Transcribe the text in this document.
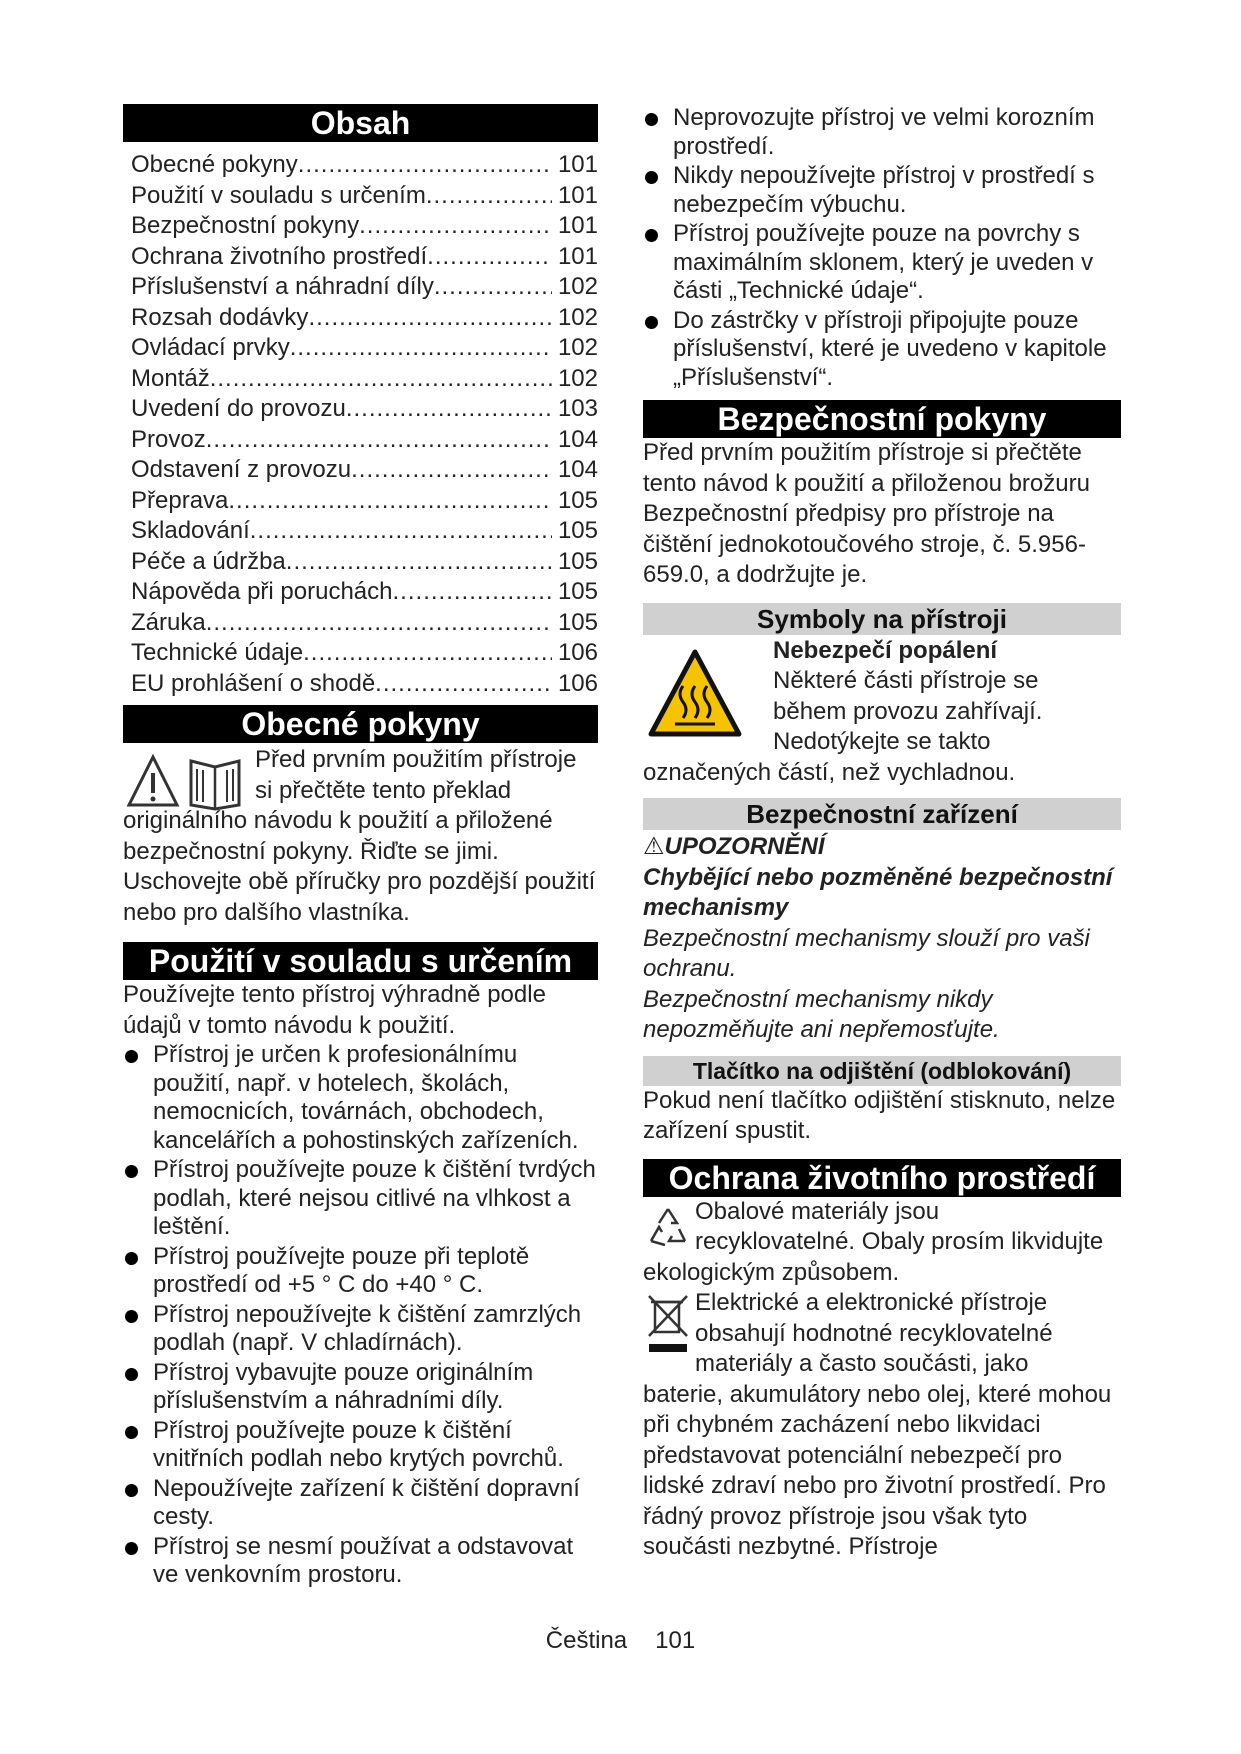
Obsah
Obecné pokyny .....	101
Použití v souladu s určením .....	101
Bezpečnostní pokyny .....	101
Ochrana životního prostředí .....	101
Příslušenství a náhradní díly .....	102
Rozsah dodávky .....	102
Ovládací prvky .....	102
Montáž .....	102
Uvedení do provozu .....	103
Provoz .....	104
Odstavení z provozu .....	104
Přeprava .....	105
Skladování .....	105
Péče a údržba .....	105
Nápověda při poruchách .....	105
Záruka .....	105
Technické údaje .....	106
EU prohlášení o shodě .....	106
Obecné pokyny

Před prvním použitím přístroje

si přečtěte tento překlad

originálního návodu k použití a přiložené bezpečnostní pokyny. Řiďte se jimi. Uschovejte obě příručky pro pozdější použití nebo pro dalšího vlastníka.

Použití v souladu s určením

Používejte tento přístroj výhradně podle údajů v tomto návodu k použití.

Přístroj je určen k profesionálnímu použití, např. v hotelech, školách, nemocnicích, továrnách, obchodech, kancelářích a pohostinských zařízeních.
Přístroj používejte pouze k čištění tvrdých podlah, které nejsou citlivé na vlhkost a leštění.
Přístroj používejte pouze při teplotě prostředí od +5 ° C do +40 ° C.
Přístroj nepoužívejte k čištění zamrzlých podlah (např. V chladírnách).
Přístroj vybavujte pouze originálním příslušenstvím a náhradními díly.
Přístroj používejte pouze k čištění vnitřních podlah nebo krytých povrchů.
Nepoužívejte zařízení k čištění dopravní cesty.
Přístroj se nesmí používat a odstavovat ve venkovním prostoru.
Neprovozujte přístroj ve velmi korozním prostředí.
Nikdy nepoužívejte přístroj v prostředí s nebezpečím výbuchu.
Přístroj používejte pouze na povrchy s maximálním sklonem, který je uveden v části „Technické údaje“.
Do zástrčky v přístroji připojujte pouze příslušenství, které je uvedeno v kapitole „Příslušenství“.
Bezpečnostní pokyny

Před prvním použitím přístroje si přečtěte tento návod k použití a přiloženou brožuru Bezpečnostní předpisy pro přístroje na čištění jednokotoučového stroje, č. 5.956-659.0, a dodržujte je.

Symboly na přístroji

Nebezpečí popálení

Některé části přístroje se

během provozu zahřívají.

Nedotýkejte se takto

označených částí, než vychladnou.

Bezpečnostní zařízení

⚠UPOZORNĚNÍ

Chybějící nebo pozměněné bezpečnostní mechanismy

Bezpečnostní mechanismy slouží pro vaši ochranu.

Bezpečnostní mechanismy nikdy nepozměňujte ani nepřemosťujte.

Tlačítko na odjištění (odblokování)

Pokud není tlačítko odjištění stisknuto, nelze zařízení spustit.

Ochrana životního prostředí

Obalové materiály jsou

recyklovatelné. Obaly prosím likvidujte

ekologickým způsobem.

Elektrické a elektronické přístroje

obsahují hodnotné recyklovatelné

materiály a často součásti, jako

baterie, akumulátory nebo olej, které mohou při chybném zacházení nebo likvidaci představovat potenciální nebezpečí pro lidské zdraví nebo pro životní prostředí. Pro řádný provoz přístroje jsou však tyto součásti nezbytné. Přístroje

Čeština 101
